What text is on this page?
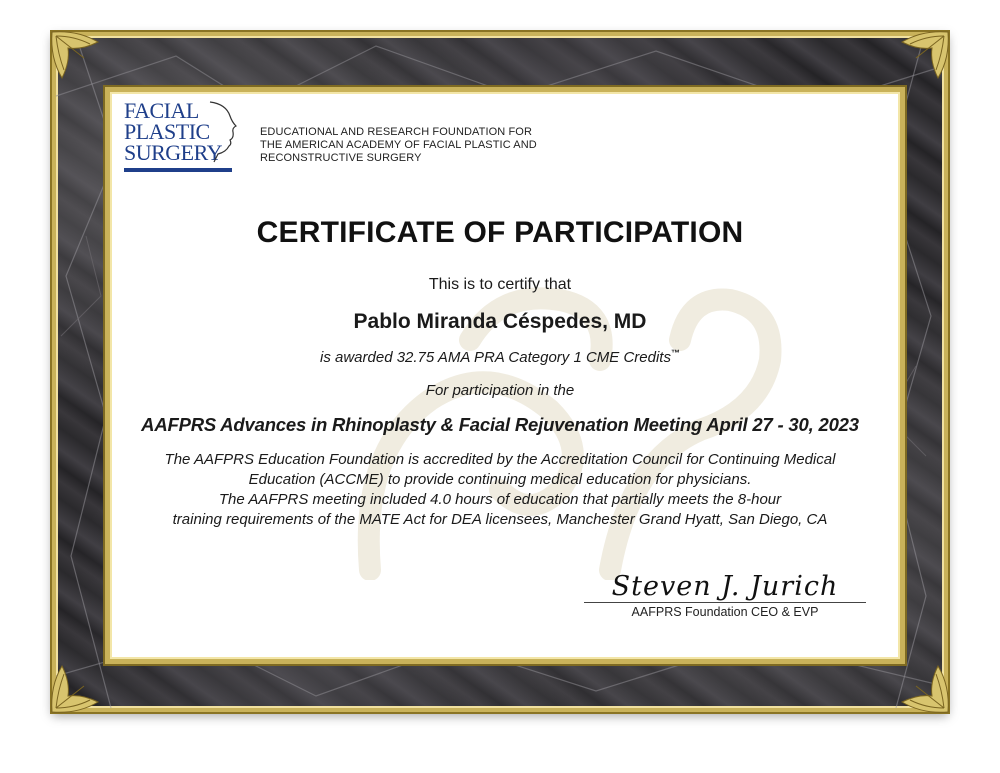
FACIAL
PLASTIC
SURGERY
EDUCATIONAL AND RESEARCH FOUNDATION FOR
THE AMERICAN ACADEMY OF FACIAL PLASTIC AND
RECONSTRUCTIVE SURGERY
CERTIFICATE OF PARTICIPATION
This is to certify that
Pablo Miranda Céspedes, MD
is awarded 32.75 AMA PRA Category 1 CME Credits™
For participation in the
AAFPRS Advances in Rhinoplasty & Facial Rejuvenation Meeting April 27 - 30, 2023
The AAFPRS Education Foundation is accredited by the Accreditation Council for Continuing Medical
Education (ACCME) to provide continuing medical education for physicians.
The AAFPRS meeting included 4.0 hours of education that partially meets the 8-hour
training requirements of the MATE Act for DEA licensees, Manchester Grand Hyatt, San Diego, CA
Steven J. Jurich
AAFPRS Foundation CEO & EVP
